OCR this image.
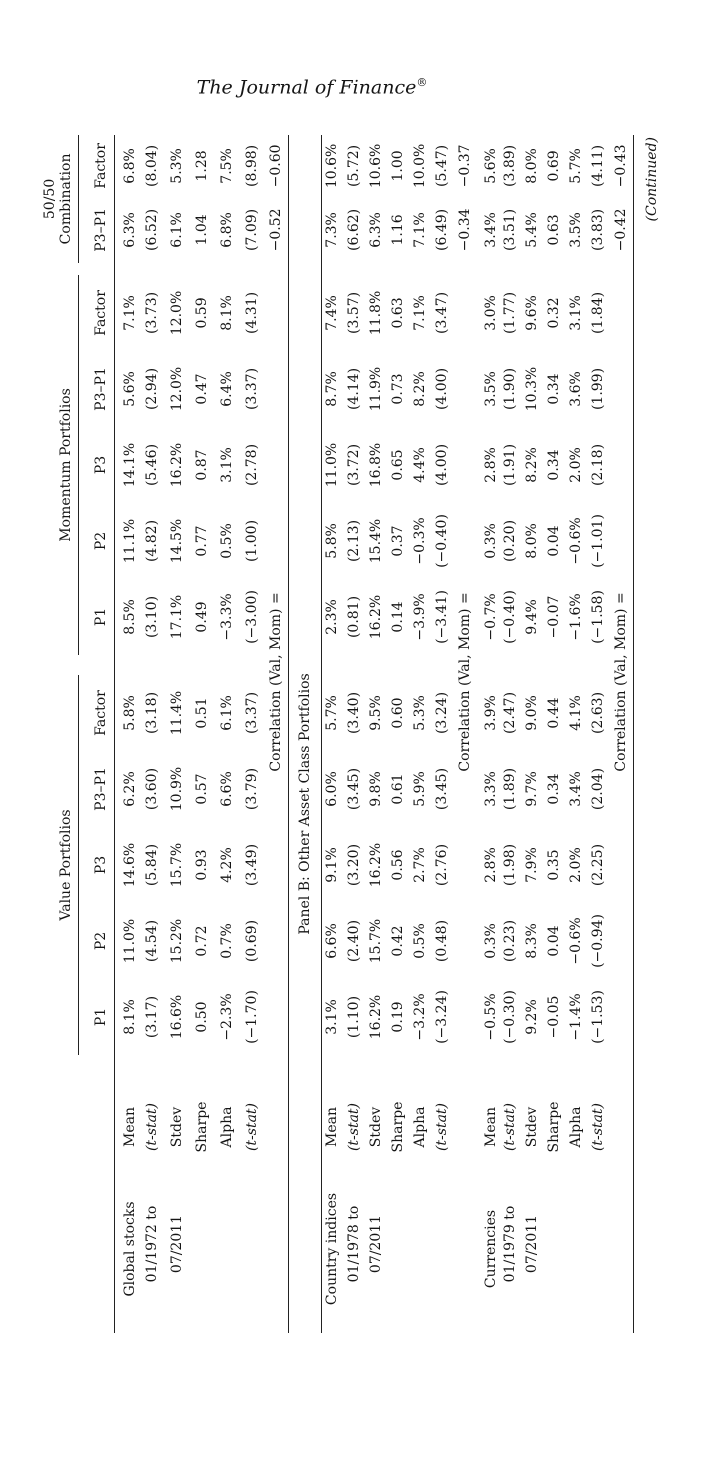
The Journal of Finance®
			Value Portfolios						Momentum Portfolios						50/50
Combination	
			P1	P2	P3	P3–P1	Factor		P1	P2	P3	P3–P1	Factor		P3–P1	Factor
Global stocks	Mean		8.1%	11.0%	14.6%	6.2%	5.8%		8.5%	11.1%	14.1%	5.6%	7.1%		6.3%	6.8%
01/1972 to	(t-stat)		(3.17)	(4.54)	(5.84)	(3.60)	(3.18)		(3.10)	(4.82)	(5.46)	(2.94)	(3.73)		(6.52)	(8.04)
07/2011	Stdev		16.6%	15.2%	15.7%	10.9%	11.4%		17.1%	14.5%	16.2%	12.0%	12.0%		6.1%	5.3%
	Sharpe		0.50	0.72	0.93	0.57	0.51		0.49	0.77	0.87	0.47	0.59		1.04	1.28
	Alpha		−2.3%	0.7%	4.2%	6.6%	6.1%		−3.3%	0.5%	3.1%	6.4%	8.1%		6.8%	7.5%
	(t-stat)		(−1.70)	(0.69)	(3.49)	(3.79)	(3.37)		(−3.00)	(1.00)	(2.78)	(3.37)	(4.31)		(7.09)	(8.98)
		Correlation (Val, Mom) =													−0.52	−0.60
Panel B: Other Asset Class Portfolios																
Country indices	Mean		3.1%	6.6%	9.1%	6.0%	5.7%		2.3%	5.8%	11.0%	8.7%	7.4%		7.3%	10.6%
01/1978 to	(t-stat)		(1.10)	(2.40)	(3.20)	(3.45)	(3.40)		(0.81)	(2.13)	(3.72)	(4.14)	(3.57)		(6.62)	(5.72)
07/2011	Stdev		16.2%	15.7%	16.2%	9.8%	9.5%		16.2%	15.4%	16.8%	11.9%	11.8%		6.3%	10.6%
	Sharpe		0.19	0.42	0.56	0.61	0.60		0.14	0.37	0.65	0.73	0.63		1.16	1.00
	Alpha		−3.2%	0.5%	2.7%	5.9%	5.3%		−3.9%	−0.3%	4.4%	8.2%	7.1%		7.1%	10.0%
	(t-stat)		(−3.24)	(0.48)	(2.76)	(3.45)	(3.24)		(−3.41)	(−0.40)	(4.00)	(4.00)	(3.47)		(6.49)	(5.47)
		Correlation (Val, Mom) =													−0.34	−0.37
Currencies	Mean		−0.5%	0.3%	2.8%	3.3%	3.9%		−0.7%	0.3%	2.8%	3.5%	3.0%		3.4%	5.6%
01/1979 to	(t-stat)		(−0.30)	(0.23)	(1.98)	(1.89)	(2.47)		(−0.40)	(0.20)	(1.91)	(1.90)	(1.77)		(3.51)	(3.89)
07/2011	Stdev		9.2%	8.3%	7.9%	9.7%	9.0%		9.4%	8.0%	8.2%	10.3%	9.6%		5.4%	8.0%
	Sharpe		−0.05	0.04	0.35	0.34	0.44		−0.07	0.04	0.34	0.34	0.32		0.63	0.69
	Alpha		−1.4%	−0.6%	2.0%	3.4%	4.1%		−1.6%	−0.6%	2.0%	3.6%	3.1%		3.5%	5.7%
	(t-stat)		(−1.53)	(−0.94)	(2.25)	(2.04)	(2.63)		(−1.58)	(−1.01)	(2.18)	(1.99)	(1.84)		(3.83)	(4.11)
		Correlation (Val, Mom) =													−0.42	−0.43	(Continued)
